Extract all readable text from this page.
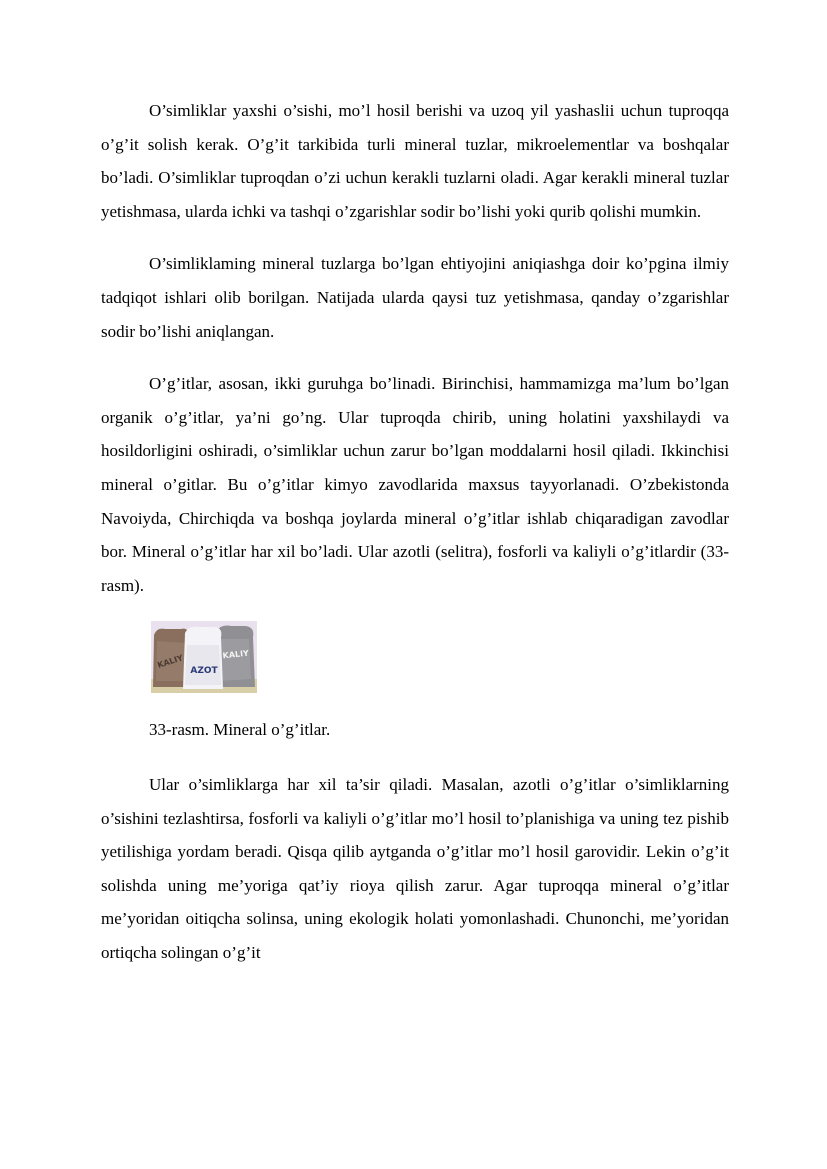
O’simliklar yaxshi o’sishi, mo’l hosil berishi va uzoq yil yashaslii uchun tuproqqa o’g’it solish kerak. O’g’it tarkibida turli mineral tuzlar, mikroelementlar va boshqalar bo’ladi. O’simliklar tuproqdan o’zi uchun kerakli tuzlarni oladi. Agar kerakli mineral tuzlar yetishmasa, ularda ichki va tashqi o’zgarishlar sodir bo’lishi yoki qurib qolishi mumkin.

O’simliklaming mineral tuzlarga bo’lgan ehtiyojini aniqiashga doir ko’pgina ilmiy tadqiqot ishlari olib borilgan. Natijada ularda qaysi tuz yetishmasa, qanday o’zgarishlar sodir bo’lishi aniqlangan.

O’g’itlar, asosan, ikki guruhga bo’linadi. Birinchisi, hammamizga ma’lum bo’lgan organik o’g’itlar, ya’ni go’ng. Ular tuproqda chirib, uning holatini yaxshilaydi va hosildorligini oshiradi, o’simliklar uchun zarur bo’lgan moddalarni hosil qiladi. Ikkinchisi mineral o’gitlar. Bu o’g’itlar kimyo zavodlarida maxsus tayyorlanadi. O’zbekistonda Navoiyda, Chirchiqda va boshqa joylarda mineral o’g’itlar ishlab chiqaradigan zavodlar bor. Mineral o’g’itlar har xil bo’ladi. Ular azotli (selitra), fosforli va kaliyli o’g’itlardir (33-rasm).

KALIY	KALIY
AZOT

33-rasm. Mineral o’g’itlar.

Ular o’simliklarga har xil ta’sir qiladi. Masalan, azotli o’g’itlar o’simliklarning o’sishini tezlashtirsa, fosforli va kaliyli o’g’itlar mo’l hosil to’planishiga va uning tez pishib yetilishiga yordam beradi. Qisqa qilib aytganda o’g’itlar mo’l hosil garovidir. Lekin o’g’it solishda uning me’yoriga qat’iy rioya qilish zarur. Agar tuproqqa mineral o’g’itlar me’yoridan oitiqcha solinsa, uning ekologik holati yomonlashadi. Chunonchi, me’yoridan ortiqcha solingan o’g’it
